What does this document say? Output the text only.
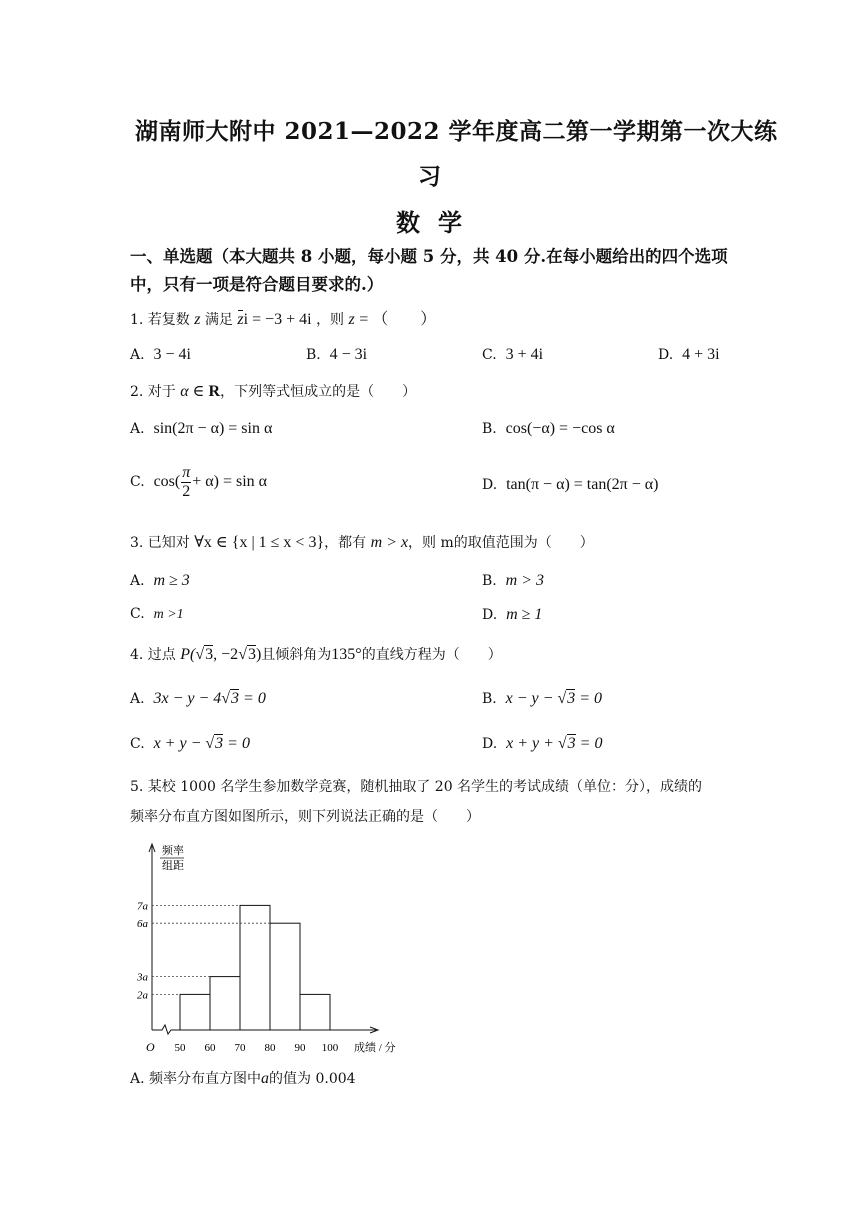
湖南师大附中 2021—2022 学年度高二第一学期第一次大练
习
数学
一、单选题（本大题共 8 小题，每小题 5 分，共 40 分.在每小题给出的四个选项
中，只有一项是符合题目要求的.）
1. 若复数 z 满足 zi = −3 + 4i ，则 z = （　　）
A. 3 − 4i	B. 4 − 3i	C. 3 + 4i	D. 4 + 3i
2. 对于 α ∈ R，下列等式恒成立的是（　　）
A. sin(2π − α) = sin α	B. cos(−α) = −cos α
C. $\cos( \frac{\pi}{2} + \alpha) = \sin \alpha$	D. tan(π − α) = tan(2π − α)
3. 已知对 ∀x ∈ {x | 1 ≤ x < 3}，都有 m > x，则 m的取值范围为（　　）
A. m ≥ 3	B. m > 3
C. m >1	D. m ≥ 1
4. 过点 P(√3, −2√3)且倾斜角为135°的直线方程为（　　）
A. 3x − y − 4√3 = 0	B. x − y − √3 = 0
C. x + y − √3 = 0	D. x + y + √3 = 0
5. 某校 1000 名学生参加数学竞赛，随机抽取了 20 名学生的考试成绩（单位：分），成绩的
频率分布直方图如图所示，则下列说法正确的是（　　）
2a
3a
6a
7a
50 60 70 80 90 100
频率
组距
成绩 / 分
O
A. 频率分布直方图中a的值为 0.004
